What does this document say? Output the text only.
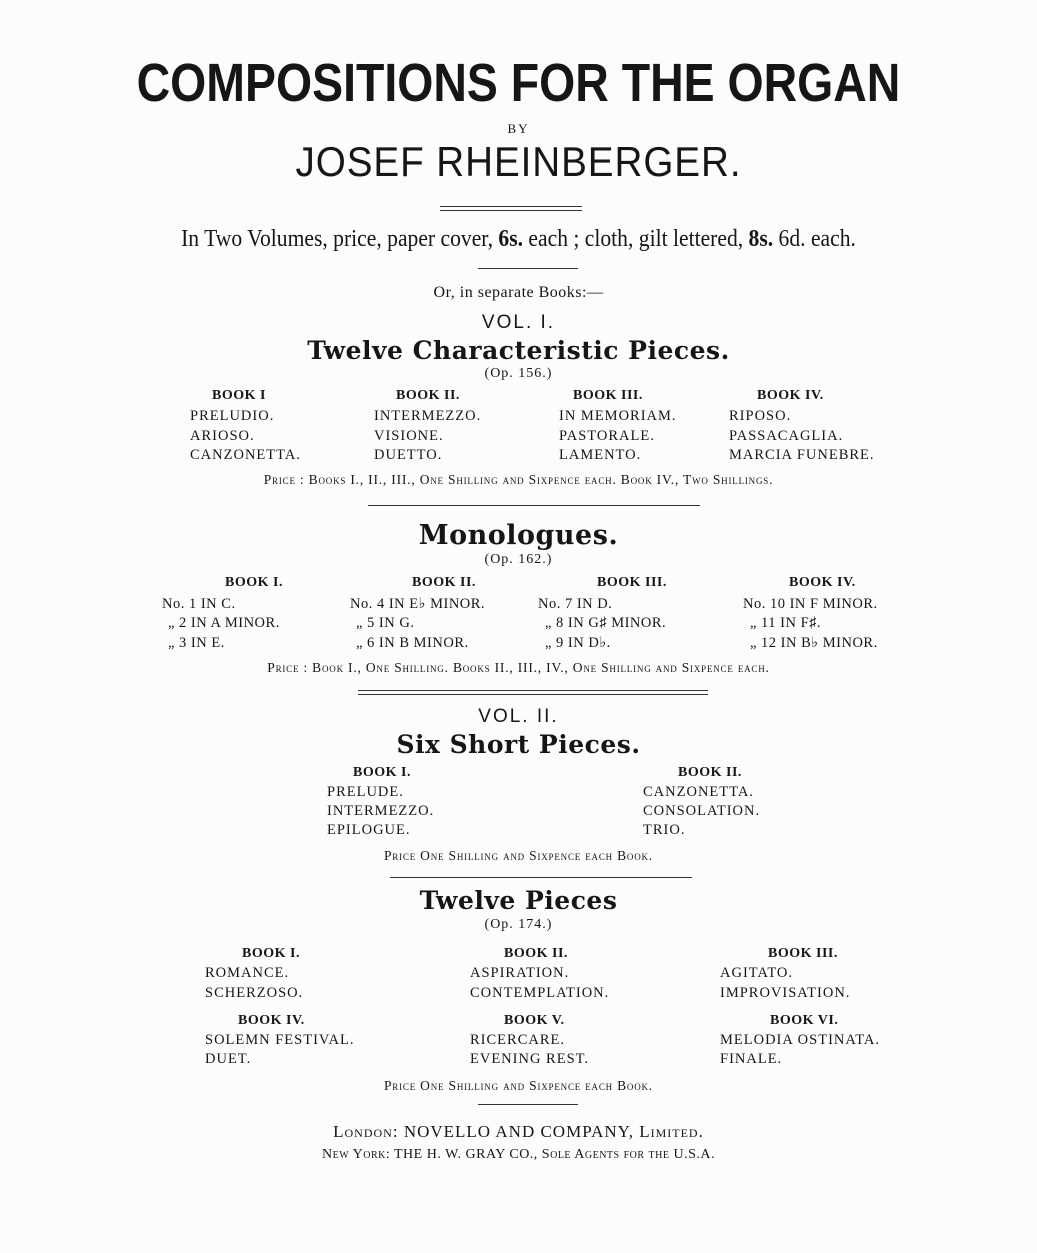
COMPOSITIONS FOR THE ORGAN
BY
JOSEF RHEINBERGER.
In Two Volumes, price, paper cover, 6s. each ; cloth, gilt lettered, 8s. 6d. each.
Or, in separate Books:—
VOL. I.
Twelve Characteristic Pieces.
(Op. 156.)
BOOK I
PRELUDIO.
ARIOSO.
CANZONETTA.
BOOK II.
INTERMEZZO.
VISIONE.
DUETTO.
BOOK III.
IN MEMORIAM.
PASTORALE.
LAMENTO.
BOOK IV.
RIPOSO.
PASSACAGLIA.
MARCIA FUNEBRE.
Price : Books I., II., III., One Shilling and Sixpence each. Book IV., Two Shillings.
Monologues.
(Op. 162.)
BOOK I.
No. 1 IN C.
„ 2 IN A MINOR.
„ 3 IN E.
BOOK II.
No. 4 IN E♭ MINOR.
„ 5 IN G.
„ 6 IN B MINOR.
BOOK III.
No. 7 IN D.
„ 8 IN G♯ MINOR.
„ 9 IN D♭.
BOOK IV.
No. 10 IN F MINOR.
„ 11 IN F♯.
„ 12 IN B♭ MINOR.
Price : Book I., One Shilling. Books II., III., IV., One Shilling and Sixpence each.
VOL. II.
Six Short Pieces.
BOOK I.
PRELUDE.
INTERMEZZO.
EPILOGUE.
BOOK II.
CANZONETTA.
CONSOLATION.
TRIO.
Price One Shilling and Sixpence each Book.
Twelve Pieces
(Op. 174.)
BOOK I.
ROMANCE.
SCHERZOSO.
BOOK II.
ASPIRATION.
CONTEMPLATION.
BOOK III.
AGITATO.
IMPROVISATION.
BOOK IV.
SOLEMN FESTIVAL.
DUET.
BOOK V.
RICERCARE.
EVENING REST.
BOOK VI.
MELODIA OSTINATA.
FINALE.
Price One Shilling and Sixpence each Book.
London: NOVELLO AND COMPANY, Limited.
New York: THE H. W. GRAY CO., Sole Agents for the U.S.A.
